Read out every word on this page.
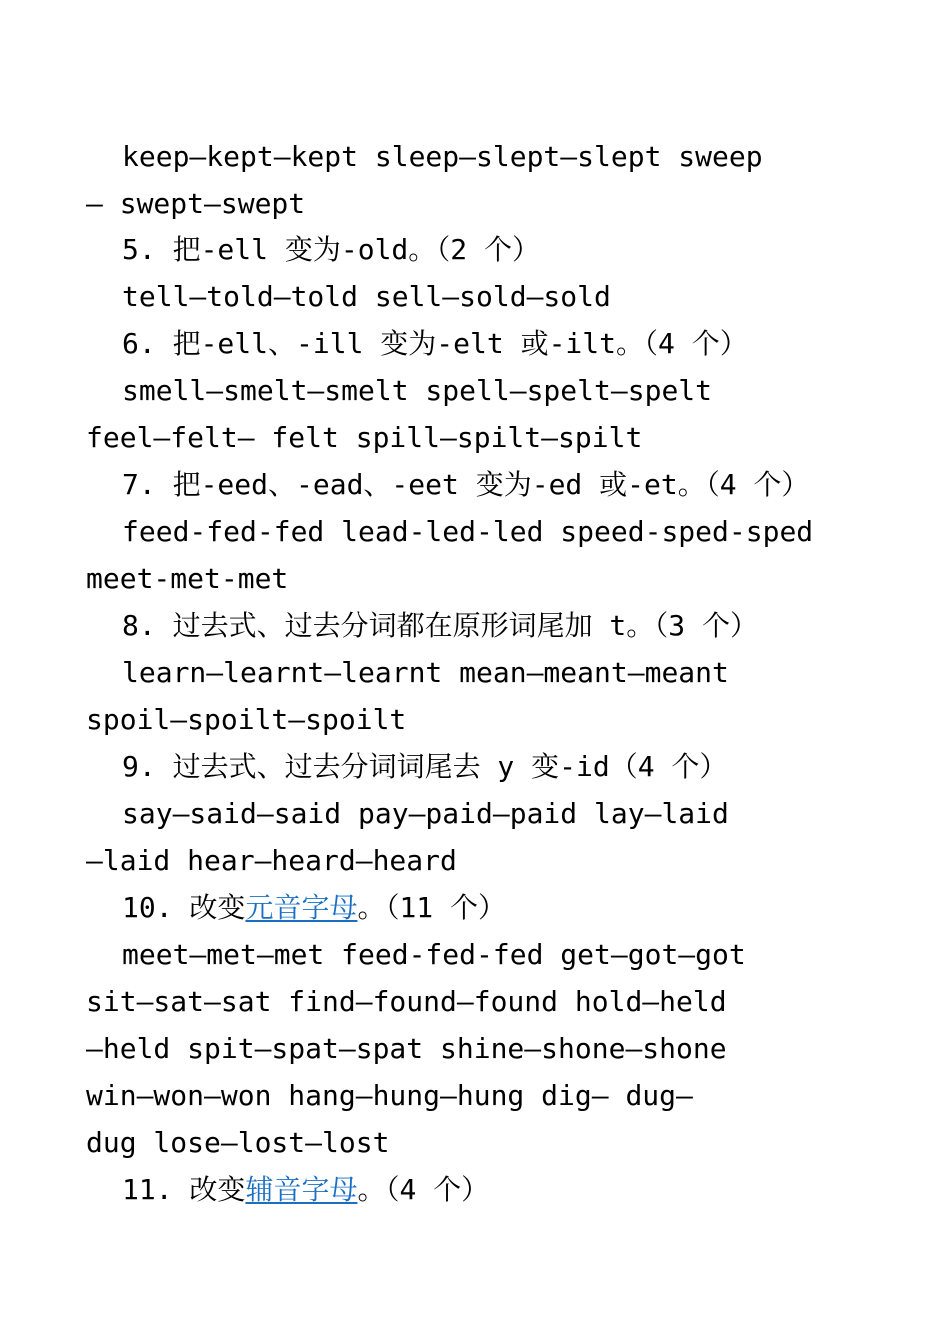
keep—kept—kept sleep—slept—slept sweep
— swept—swept
5. 把-ell 变为-old。（2 个）
tell—told—told sell—sold—sold
6. 把-ell、-ill 变为-elt 或-ilt。（4 个）
smell—smelt—smelt spell—spelt—spelt
feel—felt— felt spill—spilt—spilt
7. 把-eed、-ead、-eet 变为-ed 或-et。（4 个）
feed-fed-fed lead-led-led speed-sped-sped
meet-met-met
8. 过去式、过去分词都在原形词尾加 t。（3 个）
learn—learnt—learnt mean—meant—meant
spoil—spoilt—spoilt
9. 过去式、过去分词词尾去 y 变-id（4 个）
say—said—said pay—paid—paid lay—laid
—laid hear—heard—heard
10. 改变元音字母。（11 个）
meet—met—met feed-fed-fed get—got—got
sit—sat—sat find—found—found hold—held
—held spit—spat—spat shine—shone—shone
win—won—won hang—hung—hung dig— dug—
dug lose—lost—lost
11. 改变辅音字母。（4 个）
